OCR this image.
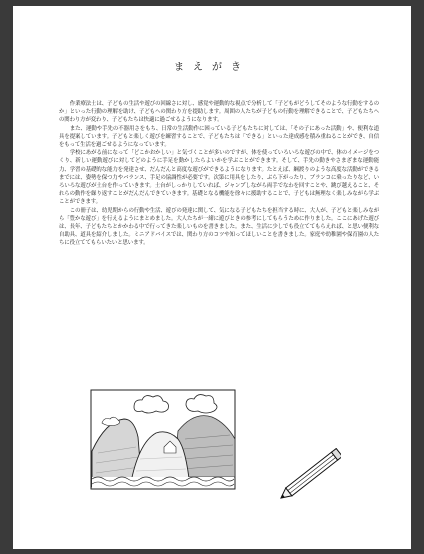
まえがき

作業療法士は、子どもの生活や遊びの回線さに対し、感覚や運動的な視点で分析して「子どもがどうしてそのような行動をするのか」といった行動の理解を助け、子どもへの関わり方を提助します。周囲の人たちが子どもの行動を理解できることで、子どもたちへの関わり方が変わり、子どもたちは快適に過ごせるようになります。

また、運動や手先の不器用さをもち、日常の生活動作に困っている子どもたちに対しては、「その子にあった活動」や、便利な道具を提案しています。子どもと楽しく遊びを練習することで、子どもたちは「できる」といった達成感を積み重ねることができ、自信をもって生活を過ごせるようになっています。

学校にあがる前になって「どこかおかしい」と気づくことが多いのですが、体を使っていろいろな遊びの中で、体のイメージをつくり、新しい運動遊びに対してどのように手足を動かしたらよいかを学ぶことができます。そして、手先の動きやさまざまな運動能力、学習の基礎的な能力を発達させ、だんだんと高度な遊びができるようになります。たとえば、綱渡りのような高度な活動ができるまでには、姿勢を保つ力やバランス、手足の協調性が必要です。次第に用具をしたり、ぶら下がったり、ブランコに乗ったりなど、いろいろな遊びが土台を作っていきます。土台がしっかりしていれば、ジャンプしながら両手でなわを回すことや、跳び越えること、それらの動作を繰り返すことがだんだんできていきます。基礎となる機能を徐々に援助することで、子どもは無理なく楽しみながら学ぶことができます。

この冊子は、幼児期からの行動や生活、遊びの発達に関して、気になる子どもたちを担当する時に、大人が、子どもと楽しみながら「豊かな遊び」を行えるようにまとめました。大人たちが一緒に遊びときの参考にしてもらうために作りました。ここにあげた遊びは、長年、子どもたちとかかわる中で行ってきた楽しいものを書きました。また、生活に少しでも役立ててもらえれば、と思い便利な自助具、道具を紹介しました。ミニアドバイスでは、関わり方のコツや知ってほしいことを書きました。家庭や幼稚園や保育園の人たちに役立ててもらいたいと思います。
